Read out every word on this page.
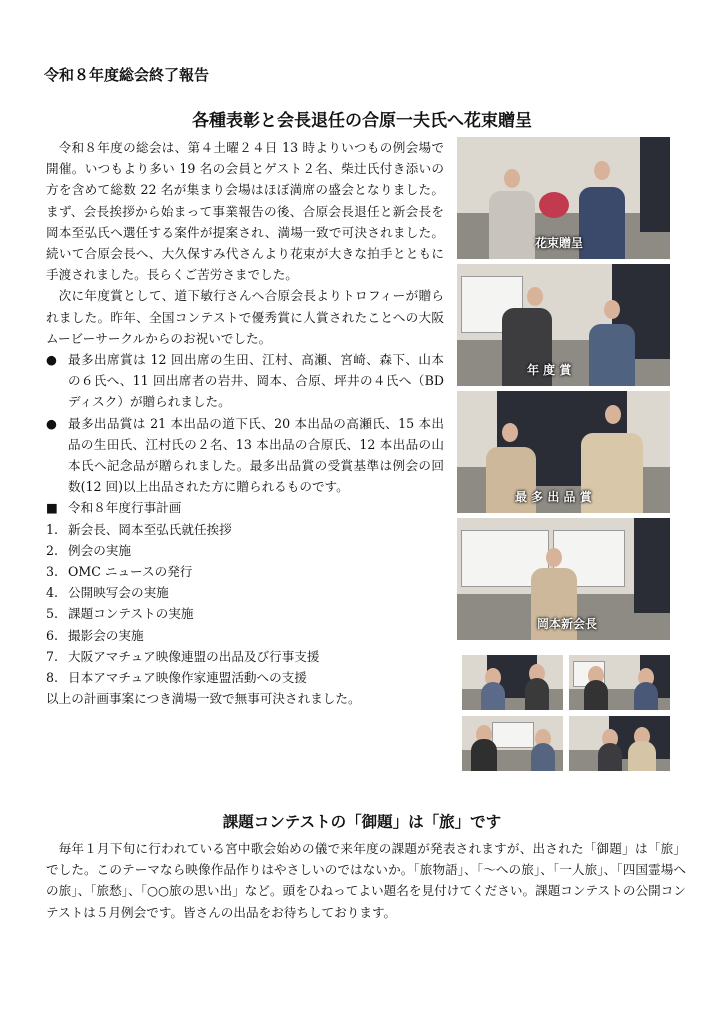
令和８年度総会終了報告
各種表彰と会長退任の合原一夫氏へ花束贈呈

令和８年度の総会は、第４土曜２４日 13 時よりいつもの例会場で開催。いつもより多い 19 名の会員とゲスト２名、柴辻氏付き添いの方を含めて総数 22 名が集まり会場はほぼ満席の盛会となりました。まず、会長挨拶から始まって事業報告の後、合原会長退任と新会長を岡本至弘氏へ選任する案件が提案され、満場一致で可決されました。続いて合原会長へ、大久保すみ代さんより花束が大きな拍手とともに手渡されました。長らくご苦労さまでした。

次に年度賞として、道下敏行さんへ合原会長よりトロフィーが贈られました。昨年、全国コンテストで優秀賞に人賞されたことへの大阪ムービーサークルからのお祝いでした。

● 最多出席賞は 12 回出席の生田、江村、高瀬、宮崎、森下、山本の６氏へ、11 回出席者の岩井、岡本、合原、坪井の４氏へ（BD ディスク）が贈られました。
● 最多出品賞は 21 本出品の道下氏、20 本出品の高瀬氏、15 本出品の生田氏、江村氏の２名、13 本出品の合原氏、12 本出品の山本氏へ記念品が贈られました。最多出品賞の受賞基準は例会の回数(12 回)以上出品された方に贈られるものです。
■ 令和８年度行事計画
1. 新会長、岡本至弘氏就任挨拶
2. 例会の実施
3. OMC ニュースの発行
4. 公開映写会の実施
5. 課題コンテストの実施
6. 撮影会の実施
7. 大阪アマチュア映像連盟の出品及び行事支援
8. 日本アマチュア映像作家連盟活動への支援

以上の計画事案につき満場一致で無事可決されました。

花束贈呈
年 度 賞
最 多 出 品 賞
岡本新会長
課題コンテストの「御題」は「旅」です

毎年１月下旬に行われている宮中歌会始めの儀で来年度の課題が発表されますが、出された「御題」は「旅」でした。このテーマなら映像作品作りはやさしいのではないか。「旅物語」、「～への旅」、「一人旅」、「四国霊場への旅」、「旅愁」、「○○旅の思い出」など。頭をひねってよい題名を見付けてください。課題コンテストの公開コンテストは５月例会です。皆さんの出品をお待ちしております。
